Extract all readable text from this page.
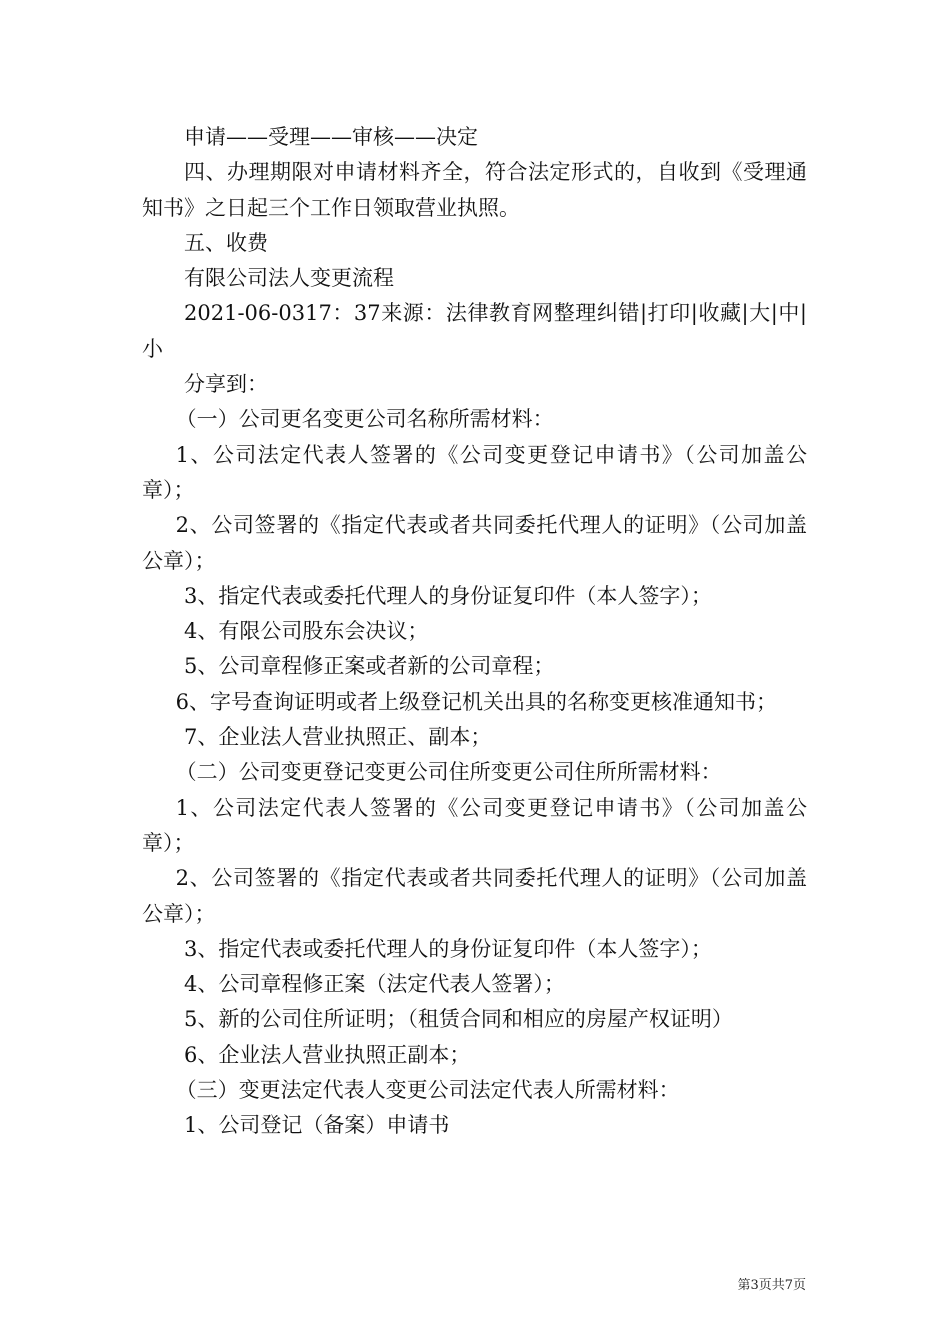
申请——受理——审核——决定

四、办理期限对申请材料齐全，符合法定形式的，自收到《受理通知书》之日起三个工作日领取营业执照。

五、收费

有限公司法人变更流程

2021-06-0317：37来源：法律教育网整理纠错|打印|收藏|大|中|小

分享到：

（一）公司更名变更公司名称所需材料：

1、公司法定代表人签署的《公司变更登记申请书》（公司加盖公章）；

2、公司签署的《指定代表或者共同委托代理人的证明》（公司加盖公章）；

3、指定代表或委托代理人的身份证复印件（本人签字）；

4、有限公司股东会决议；

5、公司章程修正案或者新的公司章程；

6、字号查询证明或者上级登记机关出具的名称变更核准通知书；

7、企业法人营业执照正、副本；

（二）公司变更登记变更公司住所变更公司住所所需材料：

1、公司法定代表人签署的《公司变更登记申请书》（公司加盖公章）；

2、公司签署的《指定代表或者共同委托代理人的证明》（公司加盖公章）；

3、指定代表或委托代理人的身份证复印件（本人签字）；

4、公司章程修正案（法定代表人签署）；

5、新的公司住所证明；（租赁合同和相应的房屋产权证明）

6、企业法人营业执照正副本；

（三）变更法定代表人变更公司法定代表人所需材料：

1、公司登记（备案）申请书

第3页共7页
